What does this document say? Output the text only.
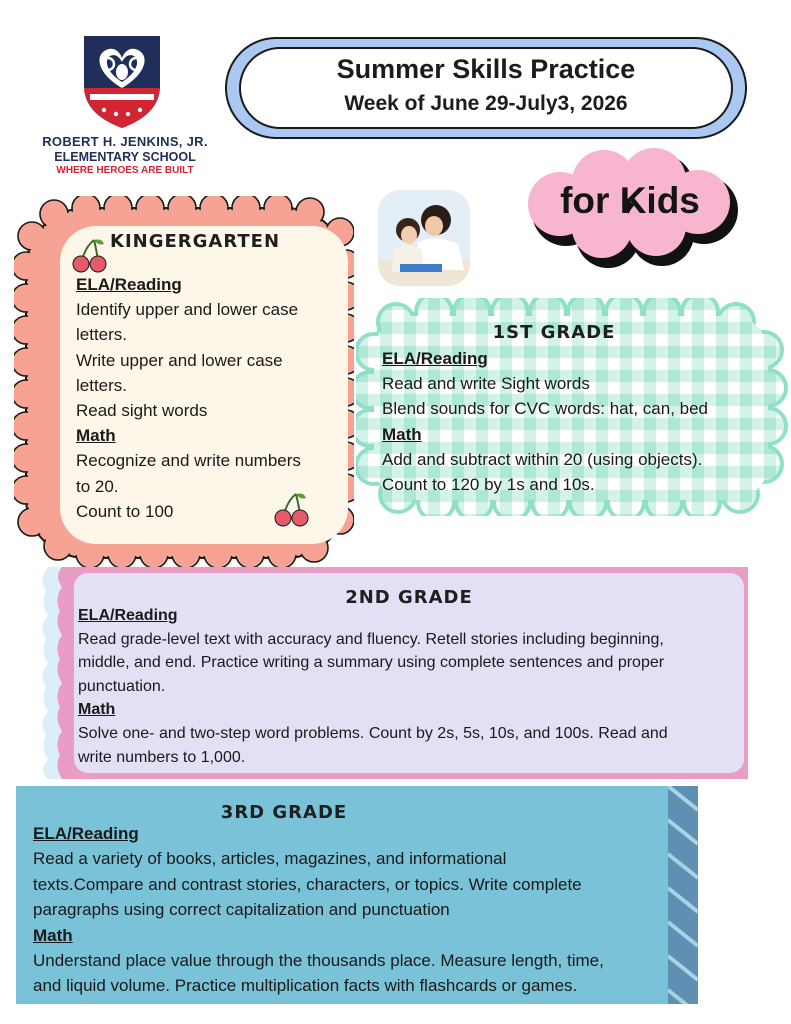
ROBERT H. JENKINS, JR.
ELEMENTARY SCHOOL
WHERE HEROES ARE BUILT
Summer Skills Practice
Week of June 29-July3, 2026
for Kids
KINGERGARTEN
ELA/Reading
Identify upper and lower case
letters.
Write upper and lower case
letters.
Read sight words
Math
Recognize and write numbers
to 20.
Count to 100
1ST GRADE
ELA/Reading
Read and write Sight words
Blend sounds for CVC words: hat, can, bed
Math
Add and subtract within 20 (using objects).
Count to 120 by 1s and 10s.
2ND GRADE
ELA/Reading
Read grade-level text with accuracy and fluency. Retell stories including beginning,
middle, and end. Practice writing a summary using complete sentences and proper
punctuation.
Math
Solve one- and two-step word problems. Count by 2s, 5s, 10s, and 100s. Read and
write numbers to 1,000.
3RD GRADE
ELA/Reading
Read a variety of books, articles, magazines, and informational
texts.Compare and contrast stories, characters, or topics. Write complete
paragraphs using correct capitalization and punctuation
Math
Understand place value through the thousands place. Measure length, time,
and liquid volume. Practice multiplication facts with flashcards or games.
